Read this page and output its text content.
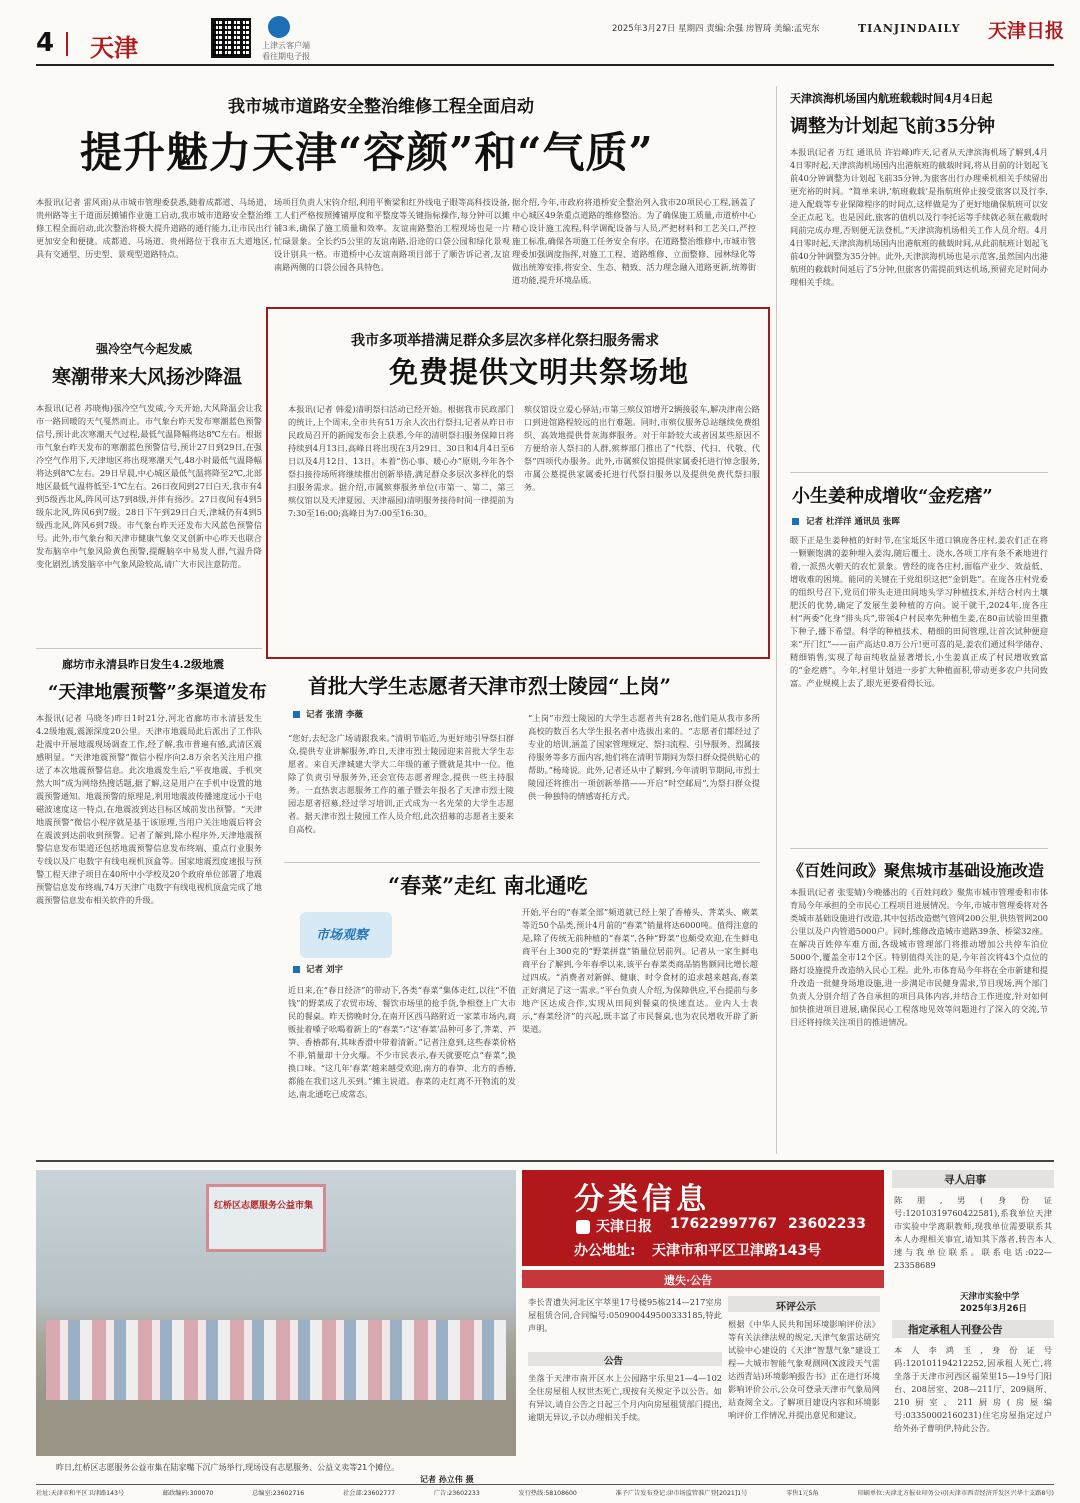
4 天津	上津云客户端
看往期电子报
2025年3月27日 星期四 责编:余强 房智琦 美编:孟宪东	TIANJINDAILY 天津日报
我市城市道路安全整治维修工程全面启动
提升魅力天津“容颜”和“气质”
本报讯(记者 雷风雨)从市城市管理委获悉,随着成都道、马场道、贵州路等主干道面层摊铺作业施工启动,我市城市道路安全整治维修工程全面启动,此次整治将极大提升道路的通行能力,让市民出行更加安全和便捷。成都道、马场道、贵州路位于我市五大道地区,具有交通型、历史型、景观型道路特点。
场项目负责人宋钧介绍,利用平衡梁和红外线电子眼等高科技设备,工人们严格按照摊铺厚度和平整度等关键指标操作,每分钟可以摊铺3米,确保了施工质量和效率。友谊南路整治工程现场也是一片忙碌景象。全长约5公里的友谊南路,沿途的口袋公园和绿化景观设计别具一格。市道桥中心友谊南路项目部于了顺告诉记者,友谊南路两侧的口袋公园各具特色。
据介绍,今年,市政府将道桥安全整治列入我市20项民心工程,涵盖了中心城区49条重点道路的维修整治。为了确保施工质量,市道桥中心精心设计施工流程,科学调配设备与人员,严把材料和工艺关口,严控施工标准,确保各项施工任务安全有序。在道路整治维修中,市城市管理委加强调度指挥,对施工工程、道路维修、立面整修、园林绿化等做出统筹安排,将安全、生态、精致、活力理念融入道路更新,统筹街道功能,提升环境品质。
强冷空气今起发威
寒潮带来大风扬沙降温
本报讯(记者 苏晓梅)强冷空气发威,今天开始,大风降温会让我市一路回暖的天气戛然而止。市气象台昨天发布寒潮蓝色预警信号,预计此次寒潮天气过程,最低气温降幅将达8℃左右。根据市气象台昨天发布的寒潮蓝色预警信号,预计27日到29日,在强冷空气作用下,天津地区将出现寒潮天气,48小时最低气温降幅将达到8℃左右。29日早晨,中心城区最低气温将降至2℃,北部地区最低气温将低至-1℃左右。26日夜间到27日白天,我市有4到5级西北风,阵风可达7到8级,并伴有扬沙。27日夜间有4到5级东北风,阵风6到7级。28日下午到29日白天,津城仍有4到5级西北风,阵风6到7级。市气象台昨天还发布大风蓝色预警信号。此外,市气象台和天津市健康气象交叉创新中心昨天也联合发布脑卒中气象风险黄色预警,提醒脑卒中易发人群,气温升降变化剧烈,诱发脑卒中气象风险较高,请广大市民注意防范。
廊坊市永清县昨日发生4.2级地震
“天津地震预警”多渠道发布
本报讯(记者 马晓冬)昨日1时21分,河北省廊坊市永清县发生4.2级地震,震源深度20公里。天津市地震局此后派出了工作队赴震中开展地震现场调查工作,经了解,我市普遍有感,武清区震感明显。“天津地震预警”微信小程序向2.8万余名关注用户推送了本次地震预警信息。此次地震发生后,“平夜地震、手机突然大叫”成为网络热搜话题,据了解,这是用户在手机中设置的地震预警通知。地震预警的原理是,利用地震波传播速度远小于电磁波速度这一特点,在地震波到达目标区域前发出预警。“天津地震预警”微信小程序就是基于该原理,当用户关注地震后将会在震波到达前收到预警。记者了解到,除小程序外,天津地震预警信息发布渠道还包括地震预警信息发布终端、重点行业服务专线以及广电数字有线电视机顶盒等。国家地震烈度速报与预警工程天津子项目在40所中小学校及20个政府单位部署了地震预警信息发布终端,74万天津广电数字有线电视机顶盒完成了地震预警信息发布相关软件的升级。
我市多项举措满足群众多层次多样化祭扫服务需求
免费提供文明共祭场地
本报讯(记者 韩爱)清明祭扫活动已经开始。根据我市民政部门的统计,上个周末,全市共有51万余人次出行祭扫,记者从昨日市民政局召开的新闻发布会上获悉,今年的清明祭扫服务保障日将持续到4月13日,高峰日将出现在3月29日、30日和4月4日至6日以及4月12日、13日。本着“伤心事、暖心办”原则,今年各个祭扫接待场所将继续推出创新举措,满足群众多层次多样化的祭扫服务需求。据介绍,市属殡葬服务单位(市第一、第二、第三殡仪馆以及天津夏园、天津福园)清明服务接待时间一律提前为7:30至16:00;高峰日为7:00至16:30。
殡仪馆设立爱心驿站;市第三殡仪馆增开2辆接驳车,解决津南公路口到进馆路程较远的出行难题。同时,市殡仪服务总站继续免费组织、高效地提供骨灰海葬服务。对于年龄较大或者因某些原因不方便给亲人祭扫的人群,殡葬部门推出了“代祭、代扫、代敬、代祭”四项代办服务。此外,市属殡仪馆提供家属委托进行悼念服务,市属公墓提供家属委托进行代祭扫服务以及提供免费代祭扫服务。
首批大学生志愿者天津市烈士陵园“上岗”
记者 张清 李薇
“您好,去纪念广场请跟我来。”清明节临近,为更好地引导祭扫群众,提供专业讲解服务,昨日,天津市烈士陵园迎来首批大学生志愿者。来自天津城建大学大二年级的董子暨就是其中一位。他除了负责引导服务外,还会宣传志愿者理念,提供一些主持服务。一直热衷志愿服务工作的董子暨去年报名了天津市烈士陵园志愿者招募,经过学习培训,正式成为一名光荣的大学生志愿者。据天津市烈士陵园工作人员介绍,此次招募的志愿者主要来自高校。
“上岗”市烈士陵园的大学生志愿者共有28名,他们是从我市多所高校的数百名大学生报名者中选拔出来的。“志愿者们都经过了专业的培训,涵盖了国家管理规定、祭扫流程、引导服务、烈属接待服务等多方面内容,他们将在清明节期间为祭扫群众提供贴心的帮助。”杨琦说。此外,记者还从中了解到,今年清明节期间,市烈士陵园还将推出一项创新举措——开启“时空邮局”,为祭扫群众提供一种独特的情感寄托方式。
“春菜”走红 南北通吃
市场观察
记者 刘宇
近日来,在“春日经济”的带动下,各类“春菜”集体走红,以往“不值钱”的野菜成了农贸市场、餐饮市场里的抢手货,争相登上广大市民的餐桌。昨天傍晚时分,在南开区西马路附近一家菜市场内,商贩扯着嗓子吆喝着新上的“春菜”:“这‘春菜’品种可多了,荠菜、芦笋、香椿都有,其味香滑中带着清新。”记者注意到,这些春菜价格不菲,销量却十分火爆。不少市民表示,春天就要吃点“春菜”,换换口味。“这几年‘春菜’越来越受欢迎,南方的春笋、北方的香椿,都能在我们这儿买到。”摊主说道。春菜的走红离不开物流的发达,南北通吃已成常态。
开始,平台的“春菜全部”频道就已经上架了香椿头、荠菜头、蕨菜等近50个品类,预计4月前的“春菜”销量将达6000吨。值得注意的是,除了传统无前种植的“春菜”,各种“野菜”也颇受欢迎,在生鲜电商平台上300克的“野菜拼盘”销量位居前列。记者从一家生鲜电商平台了解到,今年春季以来,该平台春菜类商品销售额同比增长超过四成。“消费者对新鲜、健康、时令食材的追求越来越高,春菜正好满足了这一需求。”平台负责人介绍,为保障供应,平台提前与多地产区达成合作,实现从田间到餐桌的快速直达。业内人士表示,“春菜经济”的兴起,既丰富了市民餐桌,也为农民增收开辟了新渠道。
天津滨海机场国内航班载载时间4月4日起
调整为计划起飞前35分钟
本报讯(记者 万红 通讯员 许岩峰)昨天,记者从天津滨海机场了解到,4月4日零时起,天津滨海机场国内出港航班的截载时间,将从目前的计划起飞前40分钟调整为计划起飞前35分钟,为旅客出行办理乘机相关手续留出更充裕的时间。“简单来讲,‘航班截载’是指航班停止接受旅客以及行李,进入配载等专业保障程序的时间点,这样做是为了更好地确保航班可以安全正点起飞。也是因此,旅客的值机以及行李托运等手续就必须在截载时间前完成办理,否则便无法登机。”天津滨海机场相关工作人员介绍。4月4日零时起,天津滨海机场国内出港航班的截载时间,从此前航班计划起飞前40分钟调整为35分钟。此外,天津滨海机场也是示范客,虽然国内出港航班的截载时间延后了5分钟,但旅客仍需提前到达机场,预留充足时间办理相关手续。
小生姜种成增收“金疙瘩”
记者 杜洋洋 通讯员 张晖
眼下正是生姜种植的好时节,在宝坻区牛道口镇庞各庄村,姜农们正在将一颗颗饱满的姜种埋入姜沟,随后覆土、浇水,各项工序有条不紊地进行着,一派热火朝天的农忙景象。曾经的庞各庄村,面临产业少、效益低、增收难的困境。能同的关键在于党组织这把“金钥匙”。在庞各庄村党委的组织号召下,党员们带头走进田间地头学习种植技术,并结合村内土壤肥沃的优势,确定了发展生姜种植的方向。说干就干,2024年,庞各庄村“两委”化身“排头兵”,带领4户村民率先种植生姜,在80亩试验田里撒下种子,播下希望。科学的种植技术、精细的田间管理,让首次试种便迎来“开门红”——亩产高达0.8万公斤!更可喜的是,姜农们通过科学储存、精细销售,实现了每亩纯收益显著增长,小生姜真正成了村民增收致富的“金疙瘩”。今年,村里计划进一步扩大种植面积,带动更多农户共同致富。产业规模上去了,眼光更要看得长远。
《百姓问政》聚焦城市基础设施改造
本报讯(记者 张雯婧)今晚播出的《百姓问政》聚焦市城市管理委和市体育局今年承担的全市民心工程项目进展情况。今年,市城市管理委将对各类城市基础设施进行改造,其中包括改造燃气管网200公里,供热管网200公里以及户内管道5000户。同时,维修改造城市道路39条、桥梁32座。在解决百姓停车难方面,各级城市管理部门将推动增加公共停车泊位5000个,覆盖全市12个区。特别值得关注的是,今年首次将43个点位的路灯设施提升改造纳入民心工程。此外,市体育局今年将在全市新建和提升改造一批健身场地设施,进一步满足市民健身需求,节目现场,两个部门负责人分别介绍了各自承担的项目具体内容,并结合工作进度,针对如何加快推进项目进展,确保民心工程落地见效等问题进行了深入的交流,节目还将持续关注项目的推进情况。
红桥区志愿服务公益市集
昨日,红桥区志愿服务公益市集在陆家嘴下沉广场举行,现场设有志愿服务、公益义卖等21个摊位。
记者 孙立伟 摄
分类信息
天津日报 17622997767 23602233
办公地址: 天津市和平区卫津路143号
遗失·公告
李长青遗失河北区宇萃里17号楼95栋214—217室房屋租赁合同,合同编号:050900449500333185,特此声明。
公告
坐落于天津市南开区水上公园路宇乐里21—4—102全住房屋租人权世杰死亡,现按有关规定予以公告。如有异议,请自公告之日起三个月内向房屋租赁部门提出,逾期无异议,予以办理相关手续。
环评公示
根据《中华人民共和国环境影响评价法》等有关法律法规的规定,天津气象雷达研究试验中心建设的《天津“智慧气象”建设工程—大城市智能气象观测网(X波段天气雷达西青站)环境影响报告书》正在进行环境影响评价公示,公众可登录天津市气象局网站查阅全文。了解项目建设内容和环境影响评价工作情况,并提出意见和建议。
寻人启事
陈朋,男(身份证号:12010319760422581),系我单位天津市实验中学离职教师,现我单位需要联系其本人办理相关事宜,请知其下落者,转告本人速与我单位联系。联系电话:022—23358689
天津市实验中学
2025年3月26日
指定承租人刊登公告
本人李鸿玉,身份证号码:120101194212252,因承租人死亡,将坐落于天津市河西区福荣里15—19号门阳台、208居室、208—211厅、209厕所、210厨室、211厨房(房屋编号:03350002160231)住宅房屋指定过户给外孙子曹明伊,特此公告。
社址:天津市和平区卫津路143号	邮政编码:300070	总编室:23602716	社会部:23602777	广告:23602233	发行热线:58108600	准予广告发布登记:津市场监管准广登[2021]1号	零售1元5角	印刷单位:天津北方报业印务公司(天津市西青经济开发区兴华十支路8号)
